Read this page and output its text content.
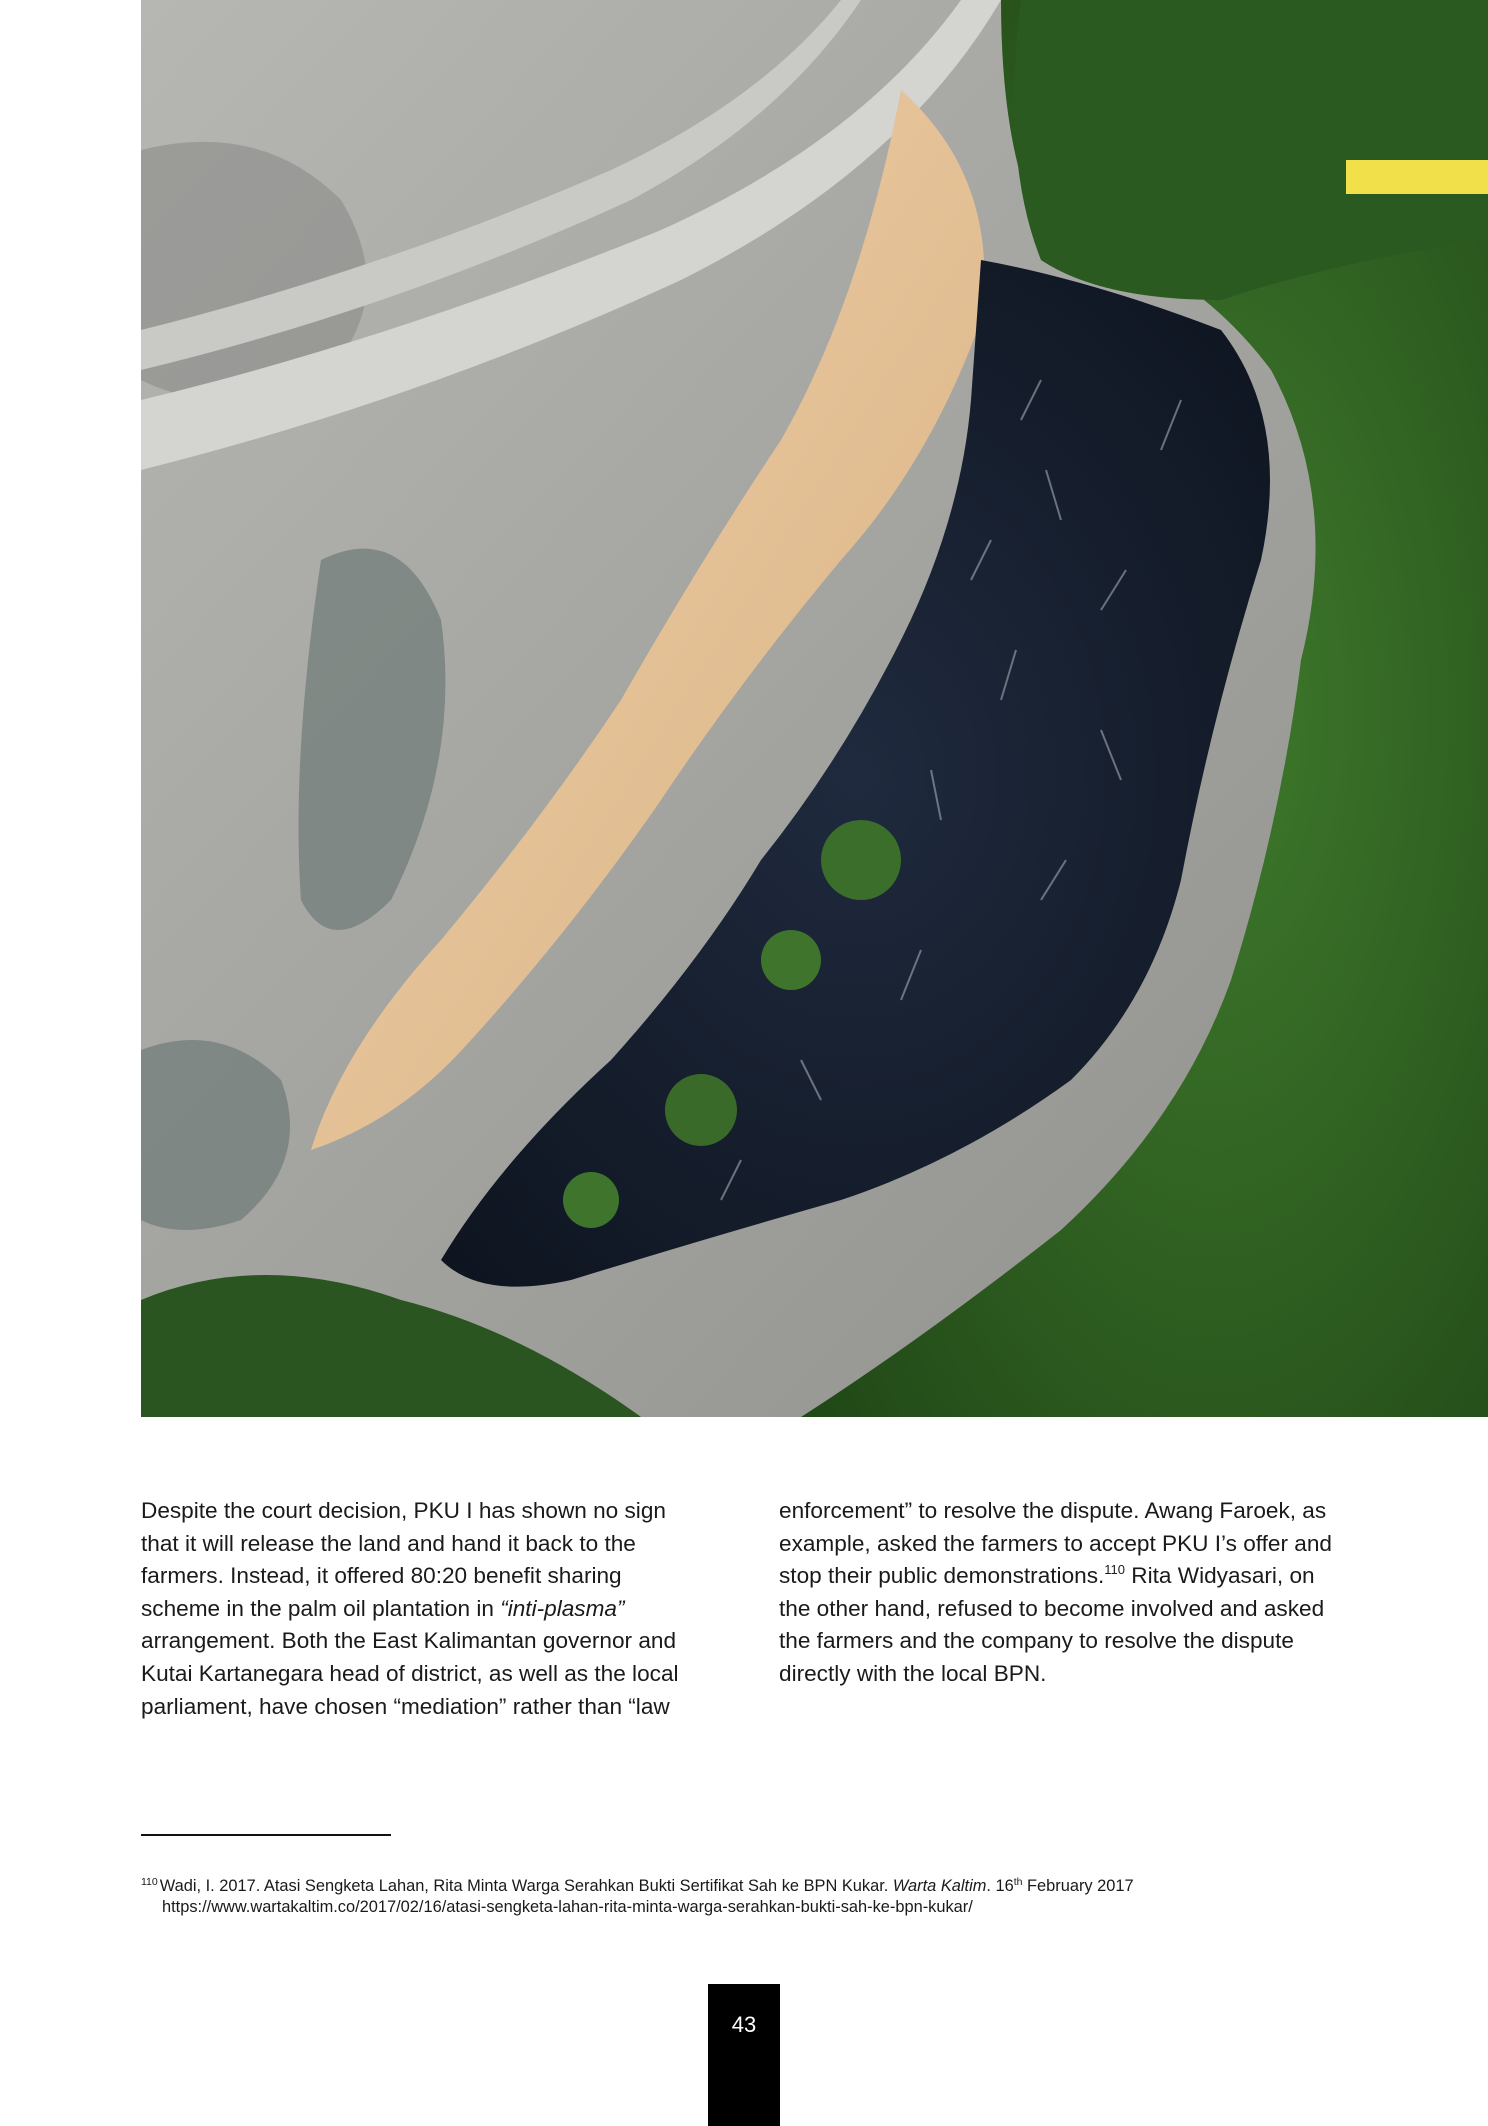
Despite the court decision, PKU I has shown no sign that it will release the land and hand it back to the farmers. Instead, it offered 80:20 benefit sharing scheme in the palm oil plantation in “inti-plasma” arrangement. Both the East Kalimantan governor and Kutai Kartanegara head of district, as well as the local parliament, have chosen “mediation” rather than “law

enforcement” to resolve the dispute. Awang Faroek, as example, asked the farmers to accept PKU I’s offer and stop their public demonstrations.$^{110}$ Rita Widyasari, on the other hand, refused to become involved and asked the farmers and the company to resolve the dispute directly with the local BPN.

$^{110}$ Wadi, I. 2017. Atasi Sengketa Lahan, Rita Minta Warga Serahkan Bukti Sertifikat Sah ke BPN Kukar. Warta Kaltim. 16th February 2017
https://www.wartakaltim.co/2017/02/16/atasi-sengketa-lahan-rita-minta-warga-serahkan-bukti-sah-ke-bpn-kukar/
43
